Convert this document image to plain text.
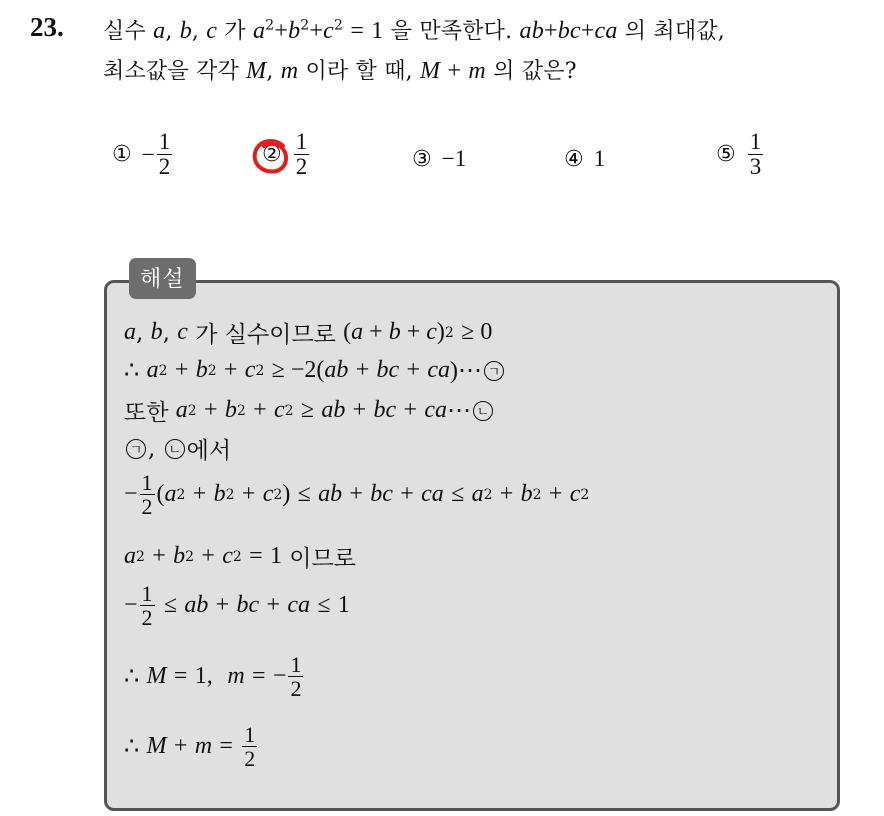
23. 실수 a, b, c 가 $a^2+b^2+c^2 = 1$ 을 만족한다. ab+bc+ca 의 최대값,
최소값을 각각 M, m 이라 할 때, M + m 의 값은?
① − $\frac{1}{2}$	② $\frac{1}{2}$	③ −1	④ 1	⑤ $\frac{1}{3}$
해설
a , b , c
가 실수이므로
(a + b + c) 2
≥ 0
∴
a 2
+
b 2
+
c 2
≥ −2( ab
+
bc
+
ca )⋯ ㄱ
또한
a 2
+
b 2
+
c 2
≥
ab
+
bc
+
ca ⋯ ㄴ
ㄱ , ㄴ 에서
− $\frac{1}{2}$ ( a 2
+
b 2
+
c 2 )
≤
ab
+
bc
+
ca
≤
a 2
+
b 2
+
c 2
a 2
+
b 2
+
c 2
=
1
이므로
− $\frac{1}{2}$
≤
ab
+
bc
+
ca
≤
1
∴
M
=
1,
m
=
− $\frac{1}{2}$
∴
M
+
m
=
$\frac{1}{2}$
